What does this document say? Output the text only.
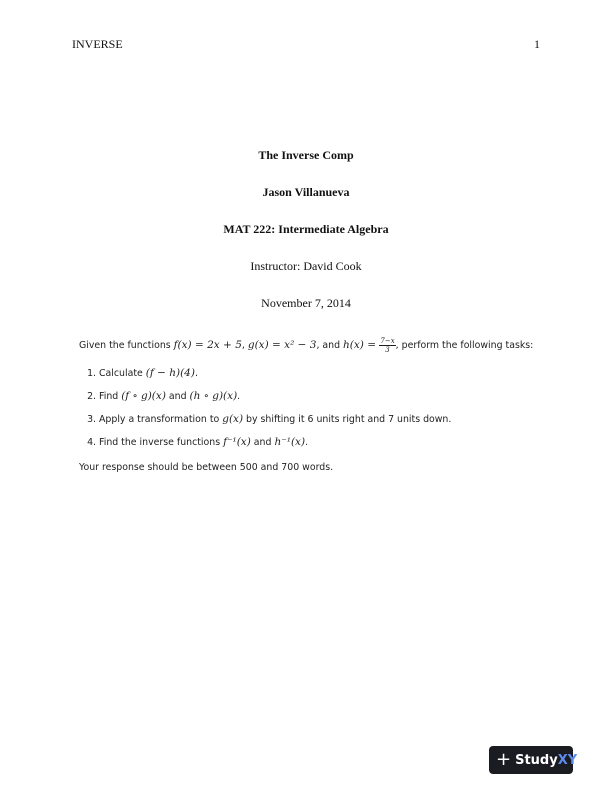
INVERSE	1
The Inverse Comp
Jason Villanueva
MAT 222: Intermediate Algebra
Instructor: David Cook
November 7, 2014

Given the functions f(x) = 2x + 5, g(x) = x² − 3, and $h(x) = \frac{7-x}{3}$ , perform the following tasks:

1. Calculate (f − h)(4).
2. Find (f ∘ g)(x) and (h ∘ g)(x).
3. Apply a transformation to g(x) by shifting it 6 units right and 7 units down.
4. Find the inverse functions f⁻¹(x) and h⁻¹(x).

Your response should be between 500 and 700 words.

+ Study XY
